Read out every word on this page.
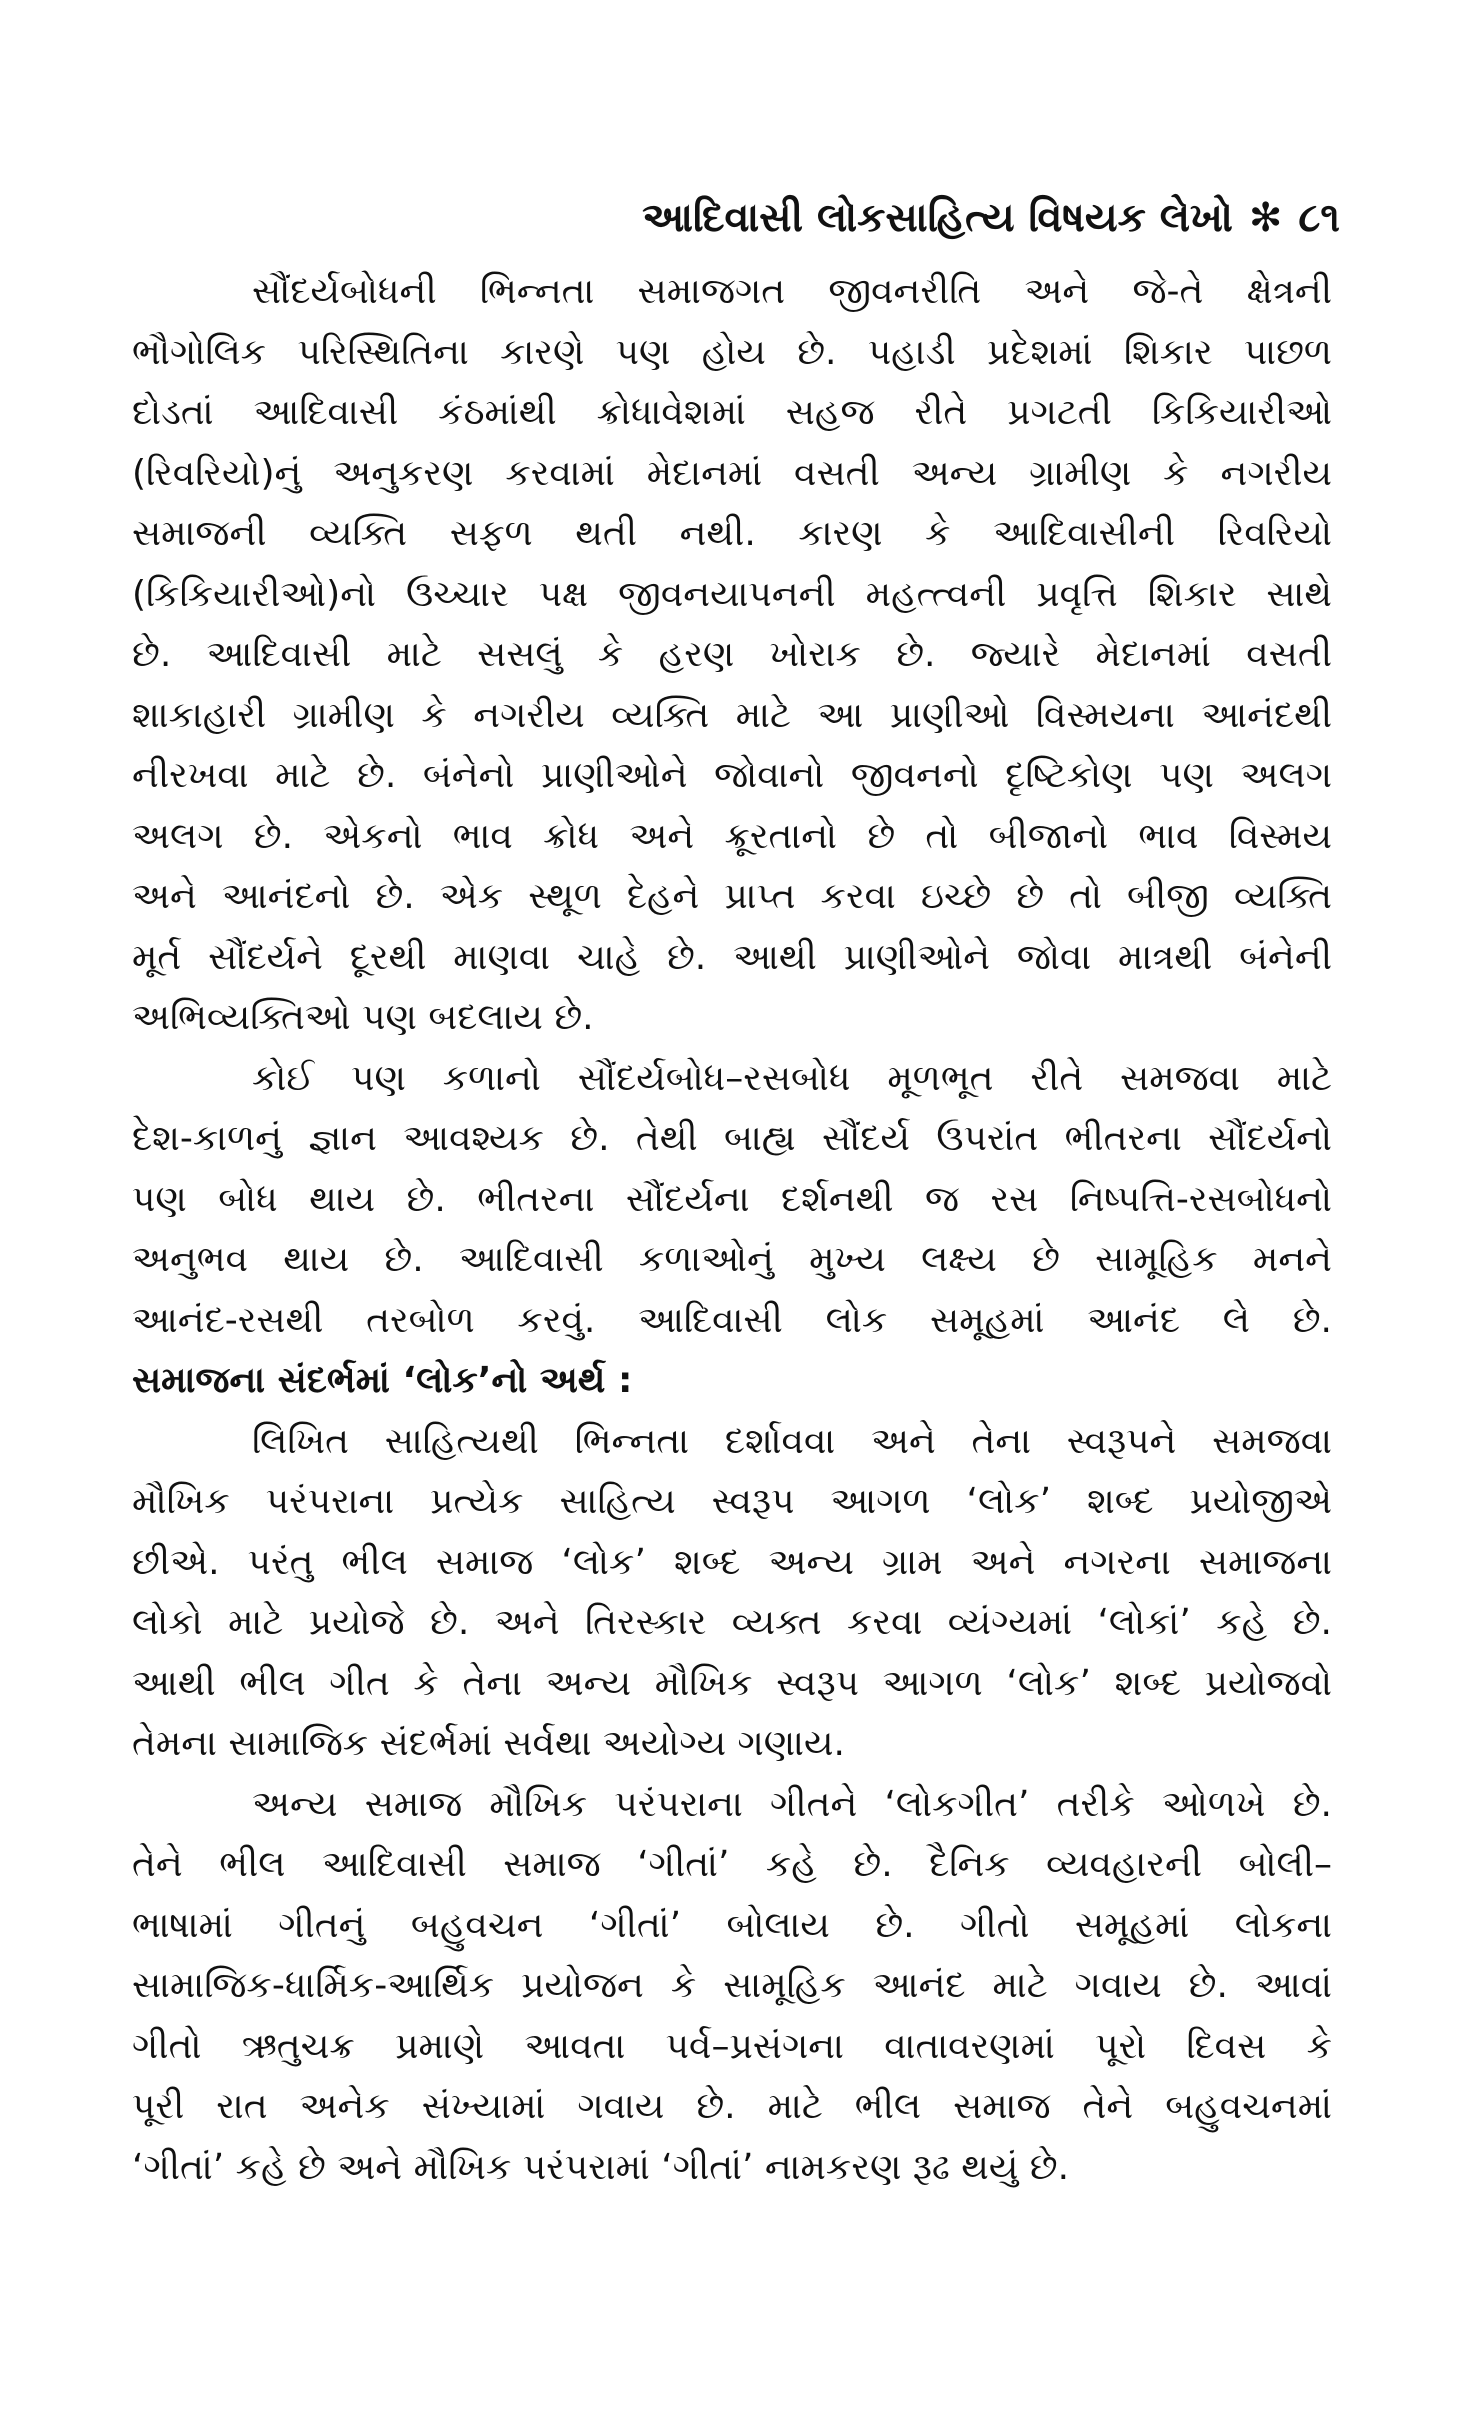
આદિવાસી લોકસાહિત્ય વિષયક લેખો ✻ ૮૧
સૌંદર્યબોધની ભિન્નતા સમાજગત જીવનરીતિ અને જે-તે ક્ષેત્રની
ભૌગોલિક પરિસ્થિતિના કારણે પણ હોય છે. પહાડી પ્રદેશમાં શિકાર પાછળ
દોડતાં આદિવાસી કંઠમાંથી ક્રોધાવેશમાં સહજ રીતે પ્રગટતી કિકિયારીઓ
(રિવરિયો)નું અનુકરણ કરવામાં મેદાનમાં વસતી અન્ય ગ્રામીણ કે નગરીય
સમાજની વ્યક્તિ સફળ થતી નથી. કારણ કે આદિવાસીની રિવરિયો
(કિકિયારીઓ)નો ઉચ્ચાર પક્ષ જીવનયાપનની મહત્ત્વની પ્રવૃત્તિ શિકાર સાથે
છે. આદિવાસી માટે સસલું કે હરણ ખોરાક છે. જ્યારે મેદાનમાં વસતી
શાકાહારી ગ્રામીણ કે નગરીય વ્યક્તિ માટે આ પ્રાણીઓ વિસ્મયના આનંદથી
નીરખવા માટે છે. બંનેનો પ્રાણીઓને જોવાનો જીવનનો દૃષ્ટિકોણ પણ અલગ
અલગ છે. એકનો ભાવ ક્રોધ અને ક્રૂરતાનો છે તો બીજાનો ભાવ વિસ્મય
અને આનંદનો છે. એક સ્થૂળ દેહને પ્રાપ્ત કરવા ઇચ્છે છે તો બીજી વ્યક્તિ
મૂર્ત સૌંદર્યને દૂરથી માણવા ચાહે છે. આથી પ્રાણીઓને જોવા માત્રથી બંનેની
અભિવ્યક્તિઓ પણ બદલાય છે.
કોઈ પણ કળાનો સૌંદર્યબોધ–રસબોધ મૂળભૂત રીતે સમજવા માટે
દેશ-કાળનું જ્ઞાન આવશ્યક છે. તેથી બાહ્ય સૌંદર્ય ઉપરાંત ભીતરના સૌંદર્યનો
પણ બોધ થાય છે. ભીતરના સૌંદર્યના દર્શનથી જ રસ નિષ્પત્તિ-રસબોધનો
અનુભવ થાય છે. આદિવાસી કળાઓનું મુખ્ય લક્ષ્ય છે સામૂહિક મનને
આનંદ-રસથી તરબોળ કરવું. આદિવાસી લોક સમૂહમાં આનંદ લે છે.
સમાજના સંદર્ભમાં ‘લોક’નો અર્થ :
લિખિત સાહિત્યથી ભિન્નતા દર્શાવવા અને તેના સ્વરૂપને સમજવા
મૌખિક પરંપરાના પ્રત્યેક સાહિત્ય સ્વરૂપ આગળ ‘લોક’ શબ્દ પ્રયોજીએ
છીએ. પરંતુ ભીલ સમાજ ‘લોક’ શબ્દ અન્ય ગ્રામ અને નગરના સમાજના
લોકો માટે પ્રયોજે છે. અને તિરસ્કાર વ્યક્ત કરવા વ્યંગ્યમાં ‘લોકાં’ કહે છે.
આથી ભીલ ગીત કે તેના અન્ય મૌખિક સ્વરૂપ આગળ ‘લોક’ શબ્દ પ્રયોજવો
તેમના સામાજિક સંદર્ભમાં સર્વથા અયોગ્ય ગણાય.
અન્ય સમાજ મૌખિક પરંપરાના ગીતને ‘લોકગીત’ તરીકે ઓળખે છે.
તેને ભીલ આદિવાસી સમાજ ‘ગીતાં’ કહે છે. દૈનિક વ્યવહારની બોલી–
ભાષામાં ગીતનું બહુવચન ‘ગીતાં’ બોલાય છે. ગીતો સમૂહમાં લોકના
સામાજિક-ધાર્મિક-આર્થિક પ્રયોજન કે સામૂહિક આનંદ માટે ગવાય છે. આવાં
ગીતો ઋતુચક્ર પ્રમાણે આવતા પર્વ–પ્રસંગના વાતાવરણમાં પૂરો દિવસ કે
પૂરી રાત અનેક સંખ્યામાં ગવાય છે. માટે ભીલ સમાજ તેને બહુવચનમાં
‘ગીતાં’ કહે છે અને મૌખિક પરંપરામાં ‘ગીતાં’ નામકરણ રૂઢ થયું છે.
